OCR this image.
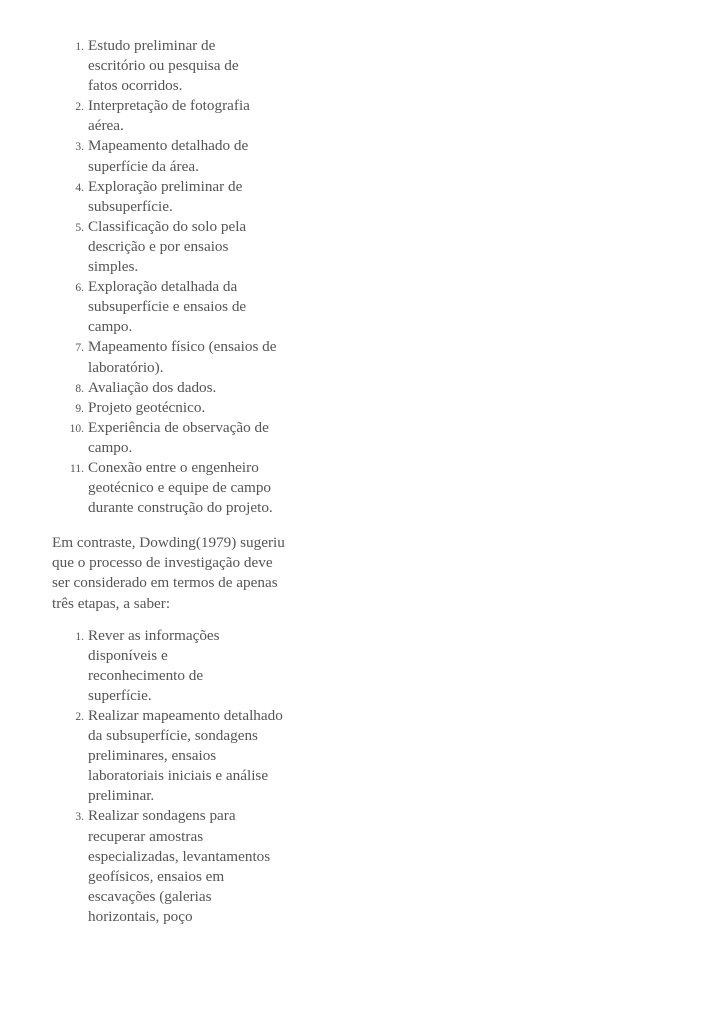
1. Estudo preliminar de escritório ou pesquisa de fatos ocorridos.
2. Interpretação de fotografia aérea.
3. Mapeamento detalhado de superfície da área.
4. Exploração preliminar de subsuperfície.
5. Classificação do solo pela descrição e por ensaios simples.
6. Exploração detalhada da subsuperfície e ensaios de campo.
7. Mapeamento físico (ensaios de laboratório).
8. Avaliação dos dados.
9. Projeto geotécnico.
10. Experiência de observação de campo.
11. Conexão entre o engenheiro geotécnico e equipe de campo durante construção do projeto.

Em contraste, Dowding(1979) sugeriu que o processo de investigação deve ser considerado em termos de apenas três etapas, a saber:

1. Rever as informações disponíveis e reconhecimento de superfície.
2. Realizar mapeamento detalhado da subsuperfície, sondagens preliminares, ensaios laboratoriais iniciais e análise preliminar.
3. Realizar sondagens para recuperar amostras especializadas, levantamentos geofísicos, ensaios em escavações (galerias horizontais, poço
